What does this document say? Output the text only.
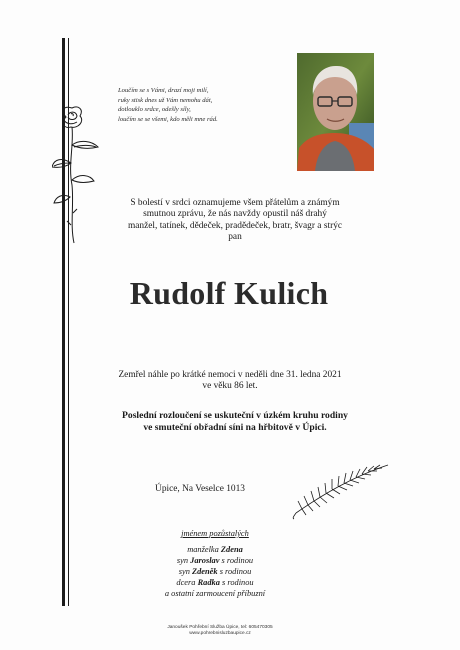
Loučím se s Vámi, drazí moji milí,
ruky stisk dnes už Vám nemohu dát,
dotlouklo srdce, odešly síly,
loučím se se všemi, kdo měli mne rád.
S bolestí v srdci oznamujeme všem přátelům a známým
smutnou zprávu, že nás navždy opustil náš drahý
manžel, tatínek, dědeček, pradědeček, bratr, švagr a strýc
pan
Rudolf Kulich
Zemřel náhle po krátké nemoci v neděli dne 31. ledna 2021
ve věku 86 let.
Poslední rozloučení se uskuteční v úzkém kruhu rodiny
ve smuteční obřadní síni na hřbitově v Úpici.
Úpice, Na Veselce 1013
jménem pozůstalých
manželka Zdena
syn Jaroslav s rodinou
syn Zdeněk s rodinou
dcera Radka s rodinou
a ostatní zarmoucení příbuzní
Janoušek Pohřební Služba Úpice, tel: 605470305
www.pohrebnisluzbaupice.cz
